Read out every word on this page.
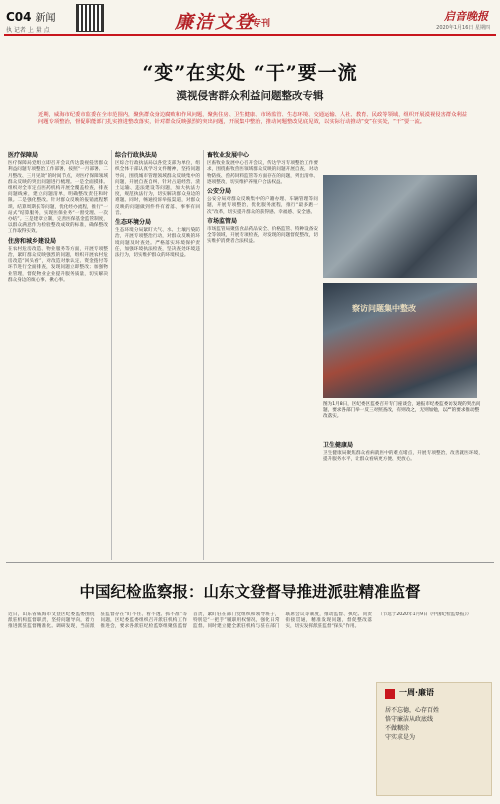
C04 新闻
执 记者 上 量 点	廉洁文登
专刊
启音晚报
2020年1月16日 星期四
“变”在实处 “干”要一流
漠视侵害群众利益问题整改专辑
近期，威海市纪委市监委在全市范围内，聚焦群众身边腐败和作风问题，聚焦住房、卫生健康、市场监管、生态环境、交通运输、人社、教育、民政等领域，组织开展漠视侵害群众利益问题专项整治，督促职能部门扎实推进整改落实，针对群众反映强烈的突出问题，开展集中整治，推动问题整改见底见效，以实际行动推动“变”在实处，“干”要一流。
医疗保障局
医疗保障局党组立即召开会议传达漠视侵害群众利益问题专项整治工作部署，按照“一月部署、二月整改、三月见效”的时间节点，对医疗保障领域群众反映的突出问题进行梳理。一是全面摸排。组织对全市定点医药机构开展全覆盖检查，排查问题线索，建立问题清单，明确整改责任和时限。二是强化整改。针对群众反映的报销流程繁琐、结算周期长等问题，优化经办流程，推行“一站式”结算服务，实现医保业务“一窗受理、一次办结”。三是建章立制，完善医保基金监管制度，以群众满意作为检验整改成效的标准，确保整改工作取得实效。
住房和城乡建设局
在农村危房改造、物业服务等方面，开展专项整治，紧盯群众反映强烈的问题，组织开展农村危房改造“回头看”，对改造对象认定、资金拨付等环节进行全面排查，发现问题立即整改；加强物业管理，督促物业企业提升服务质量，切实解决群众身边的烦心事、揪心事。
综合行政执法局
区综合行政执法局以各党支部为单位，组织全体干部认真学习文件精神，坚持问题导向，围绕城市管理领域群众反映集中的问题，开展自查自纠，针对占道经营、渣土运输、违法建设等问题，加大执法力度，规范执法行为，切实解决群众身边的难题。同时，畅通投诉举报渠道，对群众反映的问题做到件件有着落、事事有回音。
生态环境分局
生态环境分局紧盯大气、水、土壤污染防治，开展专项整治行动，对群众反映的环境问题及时查处。严格落实环境保护责任，加强环境执法检查，坚决查处环境违法行为，切实维护群众的环境权益。
畜牧业发展中心
区畜牧业发展中心召开会议，传达学习专项整治工作要求，围绕畜牧兽医领域群众反映的问题开展自查，对动物防疫、兽药饲料监管等方面存在的问题，列出清单、逐项整改，切实维护养殖户合法权益。
公安分局
公安分局对群众反映集中的户籍办理、车辆管理等问题，开展专项整治，优化服务流程，推行“最多跑一次”改革，切实提升群众的获得感、幸福感、安全感。
市场监管局
市场监管局聚焦食品药品安全、价格监管、特种设备安全等领域，开展专项检查，对发现的问题督促整改，切实维护消费者合法权益。
察访问题集中整改
图为1月8日，区纪委区监委召开专门座谈会，通报市纪委监委访发现的突出问题，要求各部门举一反三对照查改，有则改之，无则加勉，以严的要求推动整改落实。
卫生健康局
卫生健康局聚焦群众看病就医中的难点堵点，开展专项整治，改善就医环境，提升服务水平，让群众看病更方便、更放心。
中国纪检监察报：山东文登督导推进派驻精准监督
近日，山东省威海市文登区纪委监委围绕派驻机构监督职责，坚持问题导向，着力推进派驻监督精准化。调研发现，当前派驻监督存在“盯不住、看不透、抓不准”等问题，区纪委监委组织召开派驻机构工作推进会，要求各派驻纪检监察组聚焦监督首责，紧盯驻在部门党组织和领导班子，特别是“一把手”履职用权情况，强化日常监督。同时建立健全派驻机构与驻在部门联席会议等制度，推动监督、执纪、问责衔接贯通，精准发现问题，督促整改落实，切实发挥派驻监督“探头”作用。
（节选于2020年1月9日《中国纪检监察报》）
一周·廉语
居不忘德，心存百姓
恪守廉洁从政底线
不做糊涂
守实求是为
